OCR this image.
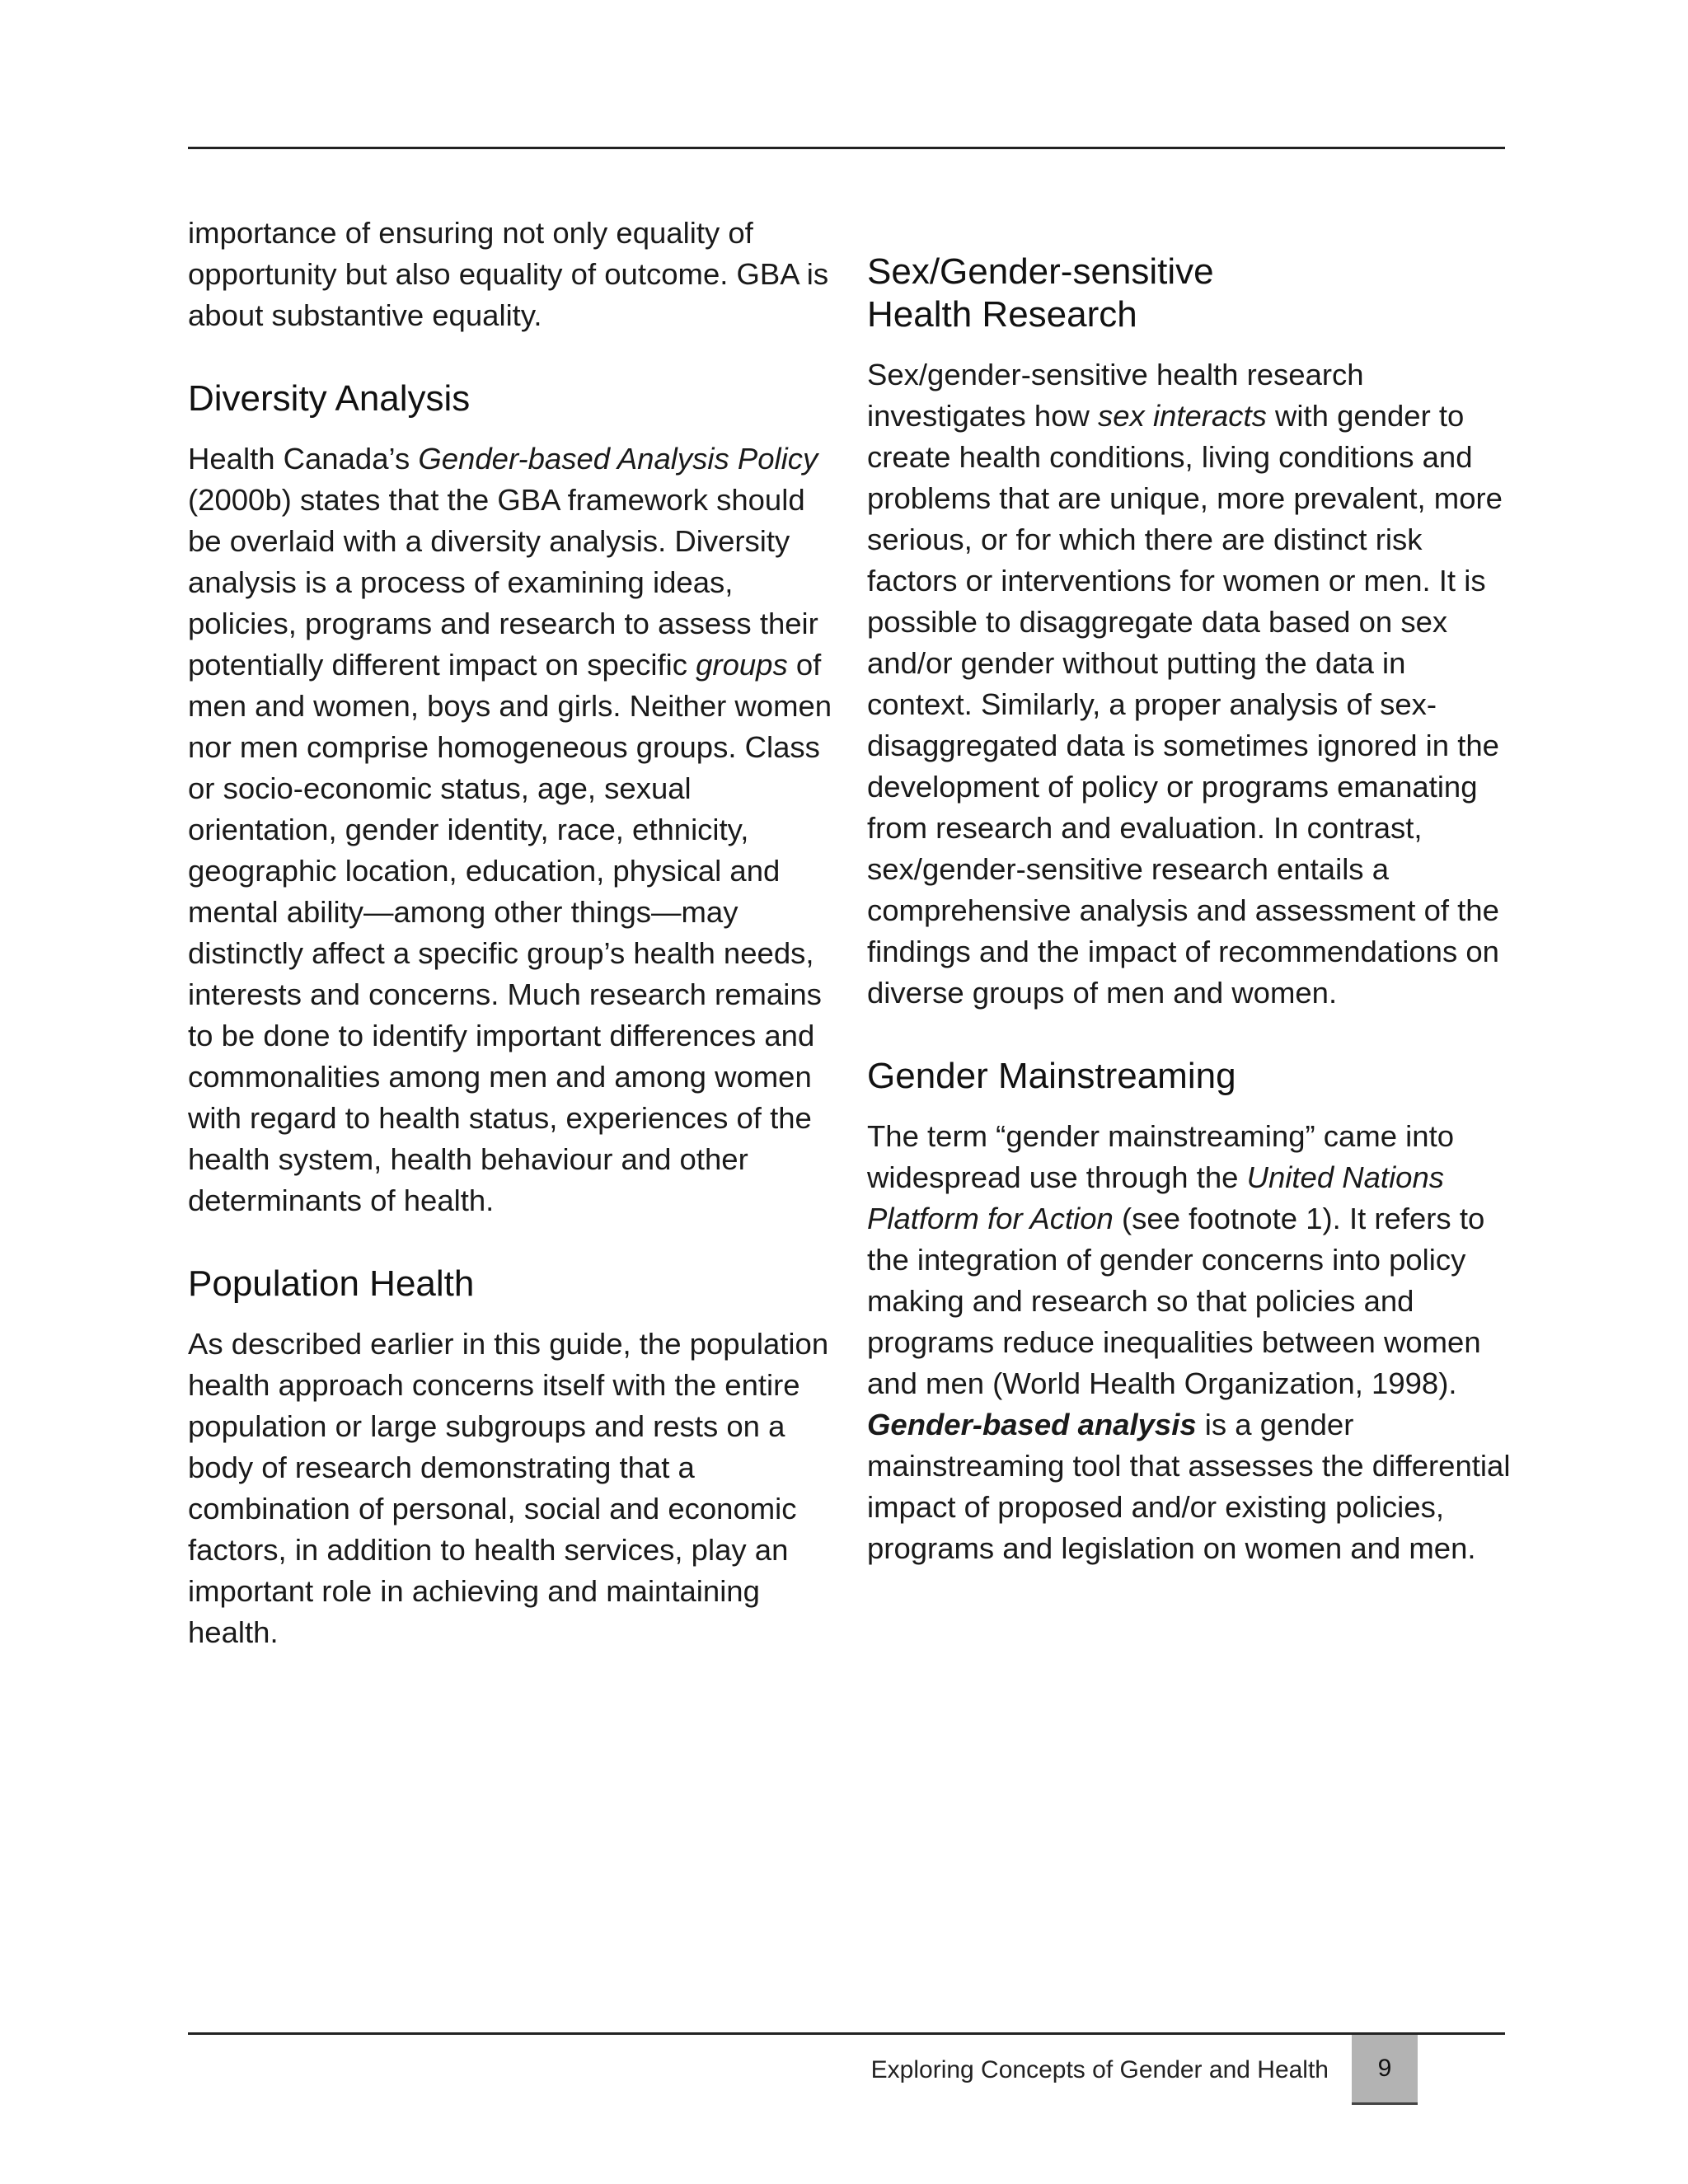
importance of ensuring not only equality of opportunity but also equality of outcome. GBA is about substantive equality.

Diversity Analysis

Health Canada’s Gender-based Analysis Policy (2000b) states that the GBA framework should be overlaid with a diversity analysis. Diversity analysis is a process of examining ideas, policies, programs and research to assess their potentially different impact on specific groups of men and women, boys and girls. Neither women nor men comprise homogeneous groups. Class or socio-economic status, age, sexual orientation, gender identity, race, ethnicity, geographic location, education, physical and mental ability—among other things—may distinctly affect a specific group’s health needs, interests and concerns. Much research remains to be done to identify important differences and commonalities among men and among women with regard to health status, experiences of the health system, health behaviour and other determinants of health.

Population Health

As described earlier in this guide, the population health approach concerns itself with the entire population or large subgroups and rests on a body of research demonstrating that a combination of personal, social and economic factors, in addition to health services, play an important role in achieving and maintaining health.

Sex/Gender-sensitive
Health Research

Sex/gender-sensitive health research investigates how sex interacts with gender to create health conditions, living conditions and problems that are unique, more prevalent, more serious, or for which there are distinct risk factors or interventions for women or men. It is possible to disaggregate data based on sex and/or gender without putting the data in context. Similarly, a proper analysis of sex-disaggregated data is sometimes ignored in the development of policy or programs emanating from research and evaluation. In contrast, sex/gender-sensitive research entails a comprehensive analysis and assessment of the findings and the impact of recommendations on diverse groups of men and women.

Gender Mainstreaming

The term “gender mainstreaming” came into widespread use through the United Nations Platform for Action (see footnote 1). It refers to the integration of gender concerns into policy making and research so that policies and programs reduce inequalities between women and men (World Health Organization, 1998). Gender-based analysis is a gender mainstreaming tool that assesses the differential impact of proposed and/or existing policies, programs and legislation on women and men.

Exploring Concepts of Gender and Health 9
